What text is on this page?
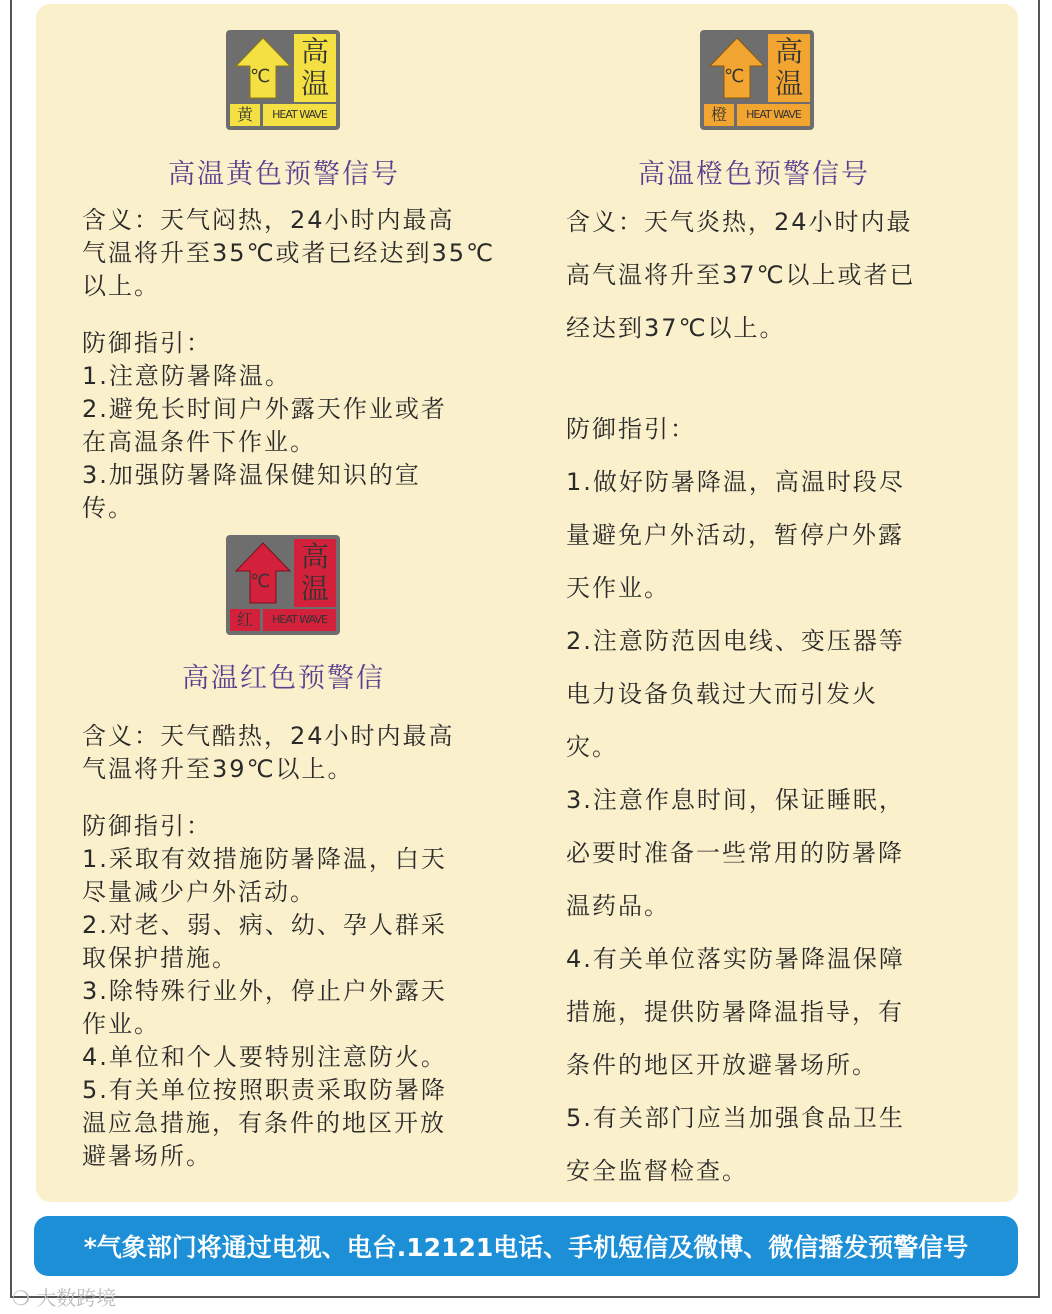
℃
高
温
黄	HEAT WAVE
高温黄色预警信号

含义：天气闷热，24小时内最高

气温将升至35℃或者已经达到35℃

以上。

防御指引：

1.注意防暑降温。

2.避免长时间户外露天作业或者

在高温条件下作业。

3.加强防暑降温保健知识的宣

传。

℃
高
温
红	HEAT WAVE
高温红色预警信

含义：天气酷热，24小时内最高

气温将升至39℃以上。

防御指引：

1.采取有效措施防暑降温，白天

尽量减少户外活动。

2.对老、弱、病、幼、孕人群采

取保护措施。

3.除特殊行业外，停止户外露天

作业。

4.单位和个人要特别注意防火。

5.有关单位按照职责采取防暑降

温应急措施，有条件的地区开放

避暑场所。

℃
高
温
橙	HEAT WAVE
高温橙色预警信号

含义：天气炎热，24小时内最

高气温将升至37℃以上或者已

经达到37℃以上。

防御指引：

1.做好防暑降温，高温时段尽

量避免户外活动，暂停户外露

天作业。

2.注意防范因电线、变压器等

电力设备负载过大而引发火

灾。

3.注意作息时间，保证睡眠，

必要时准备一些常用的防暑降

温药品。

4.有关单位落实防暑降温保障

措施，提供防暑降温指导，有

条件的地区开放避暑场所。

5.有关部门应当加强食品卫生

安全监督检查。

*气象部门将通过电视、电台.12121电话、手机短信及微博、微信播发预警信号
❍ 大数跨境
